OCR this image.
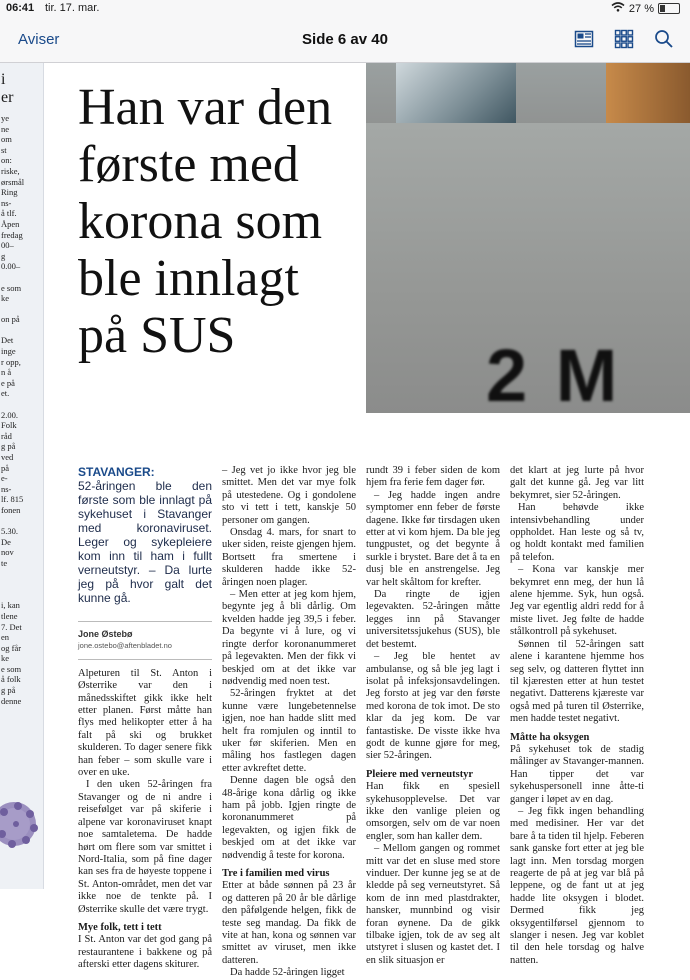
06:41 tir. 17. mar.	27 %
Aviser	Side 6 av 40
i
er
ye
ne
om
st
on:
riske,
ørsmål
Ring
ns-
å tlf.
Åpen
fredag
00–
g
0.00–

e som
ke

on på

Det
inge
r opp,
n å
e på
et.

2.00.
Folk
råd
g på
ved
på
e-
ns-
lf. 815
fonen

5.30.
De
nov
te

i, kan
tlene
7. Det
en
og får
ke
e som
å folk
g på
denne
2 M
Han var den første med korona som ble innlagt på SUS
STAVANGER:
52-åringen ble den første som ble innlagt på sykehuset i Stavanger med koronaviruset. Leger og sykepleiere kom inn til ham i fullt verneutstyr. – Da lurte jeg på hvor galt det kunne gå.
Jone Østebø
jone.ostebo@aftenbladet.no

Alpeturen til St. Anton i Østerrike var den i månedsskiftet gikk ikke helt etter planen. Først måtte han flys med helikopter etter å ha falt på ski og brukket skulderen. To dager senere fikk han feber – som skulle vare i over en uke.

I den uken 52-åringen fra Stavanger og de ni andre i reisefølget var på skiferie i alpene var koronaviruset knapt noe samtaletema. De hadde hørt om flere som var smittet i Nord-Italia, som på fine dager kan ses fra de høyeste toppene i St. Anton-området, men det var ikke noe de tenkte på. I Østerrike skulle det være trygt.

Mye folk, tett i tett

I St. Anton var det god gang på restaurantene i bakkene og på afterski etter dagens skiturer.

– Jeg vet jo ikke hvor jeg ble smittet. Men det var mye folk på utestedene. Og i gondolene sto vi tett i tett, kanskje 50 personer om gangen.

Onsdag 4. mars, for snart to uker siden, reiste gjengen hjem. Bortsett fra smertene i skulderen hadde ikke 52-åringen noen plager.

– Men etter at jeg kom hjem, begynte jeg å bli dårlig. Om kvelden hadde jeg 39,5 i feber. Da begynte vi å lure, og vi ringte derfor koronanummeret på legevakten. Men der fikk vi beskjed om at det ikke var nødvendig med noen test.

52-åringen fryktet at det kunne være lungebetennelse igjen, noe han hadde slitt med helt fra romjulen og inntil to uker før skiferien. Men en måling hos fastlegen dagen etter avkreftet dette.

Denne dagen ble også den 48-årige kona dårlig og ikke ham på jobb. Igjen ringte de koronanummeret på legevakten, og igjen fikk de beskjed om at det ikke var nødvendig å teste for korona.

Tre i familien med virus

Etter at både sønnen på 23 år og datteren på 20 år ble dårlige den påfølgende helgen, fikk de teste seg mandag. Da fikk de vite at han, kona og sønnen var smittet av viruset, men ikke datteren.

Da hadde 52-åringen ligget

rundt 39 i feber siden de kom hjem fra ferie fem dager før.

– Jeg hadde ingen andre symptomer enn feber de første dagene. Ikke før tirsdagen uken etter at vi kom hjem. Da ble jeg tungpustet, og det begynte å surkle i brystet. Bare det å ta en dusj ble en anstrengelse. Jeg var helt skåltom for krefter.

Da ringte de igjen legevakten. 52-åringen måtte legges inn på Stavanger universitetssjukehus (SUS), ble det bestemt.

– Jeg ble hentet av ambulanse, og så ble jeg lagt i isolat på infeksjonsavdelingen. Jeg forsto at jeg var den første med korona de tok imot. De sto klar da jeg kom. De var fantastiske. De visste ikke hva godt de kunne gjøre for meg, sier 52-åringen.

Pleiere med verneutstyr

Han fikk en spesiell sykehusopplevelse. Det var ikke den vanlige pleien og omsorgen, selv om de var noen engler, som han kaller dem.

– Mellom gangen og rommet mitt var det en sluse med store vinduer. Der kunne jeg se at de kledde på seg verneutstyret. Så kom de inn med plastdrakter, hansker, munnbind og visir foran øynene. Da de gikk tilbake igjen, tok de av seg alt utstyret i slusen og kastet det. I en slik situasjon er

det klart at jeg lurte på hvor galt det kunne gå. Jeg var litt bekymret, sier 52-åringen.

Han behøvde ikke intensivbehandling under oppholdet. Han leste og så tv, og holdt kontakt med familien på telefon.

– Kona var kanskje mer bekymret enn meg, der hun lå alene hjemme. Syk, hun også. Jeg var egentlig aldri redd for å miste livet. Jeg følte de hadde stålkontroll på sykehuset.

Sønnen til 52-åringen satt alene i karantene hjemme hos seg selv, og datteren flyttet inn til kjæresten etter at hun testet negativt. Datterens kjæreste var også med på turen til Østerrike, men hadde testet negativt.

Måtte ha oksygen

På sykehuset tok de stadig målinger av Stavanger-mannen. Han tipper det var sykehuspersonell inne åtte-ti ganger i løpet av en dag.

– Jeg fikk ingen behandling med medisiner. Her var det bare å ta tiden til hjelp. Feberen sank ganske fort etter at jeg ble lagt inn. Men torsdag morgen reagerte de på at jeg var blå på leppene, og de fant ut at jeg hadde lite oksygen i blodet. Dermed fikk jeg oksygentilførsel gjennom to slanger i nesen. Jeg var koblet til den hele torsdag og halve natten.
